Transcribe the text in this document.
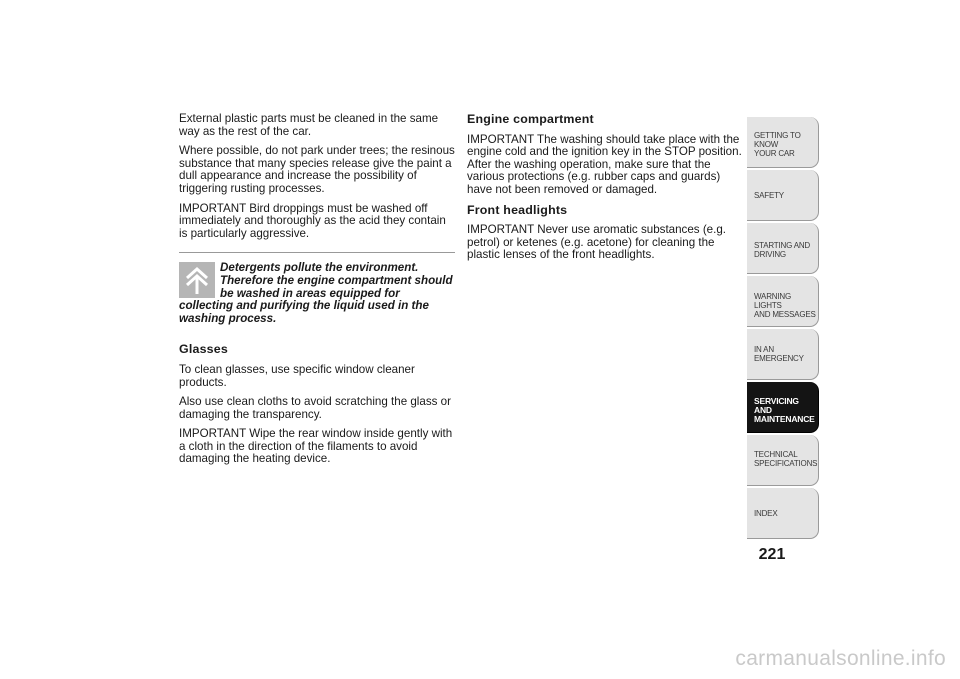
External plastic parts must be cleaned in the same way as the rest of the car.

Where possible, do not park under trees; the resinous substance that many species release give the paint a dull appearance and increase the possibility of triggering rusting processes.

IMPORTANT Bird droppings must be washed off immediately and thoroughly as the acid they contain is particularly aggressive.

Detergents pollute the environment.
Therefore the engine compartment should
be washed in areas equipped for
collecting and purifying the liquid used in the washing process.

Glasses

To clean glasses, use specific window cleaner products.

Also use clean cloths to avoid scratching the glass or damaging the transparency.

IMPORTANT Wipe the rear window inside gently with a cloth in the direction of the filaments to avoid damaging the heating device.

Engine compartment

IMPORTANT The washing should take place with the engine cold and the ignition key in the STOP position. After the washing operation, make sure that the various protections (e.g. rubber caps and guards) have not been removed or damaged.

Front headlights

IMPORTANT Never use aromatic substances (e.g. petrol) or ketenes (e.g. acetone) for cleaning the plastic lenses of the front headlights.

GETTING TO KNOW
YOUR CAR
SAFETY
STARTING AND
DRIVING
WARNING LIGHTS
AND MESSAGES
IN AN EMERGENCY
SERVICING AND
MAINTENANCE
TECHNICAL
SPECIFICATIONS
INDEX
221
carmanualsonline.info
